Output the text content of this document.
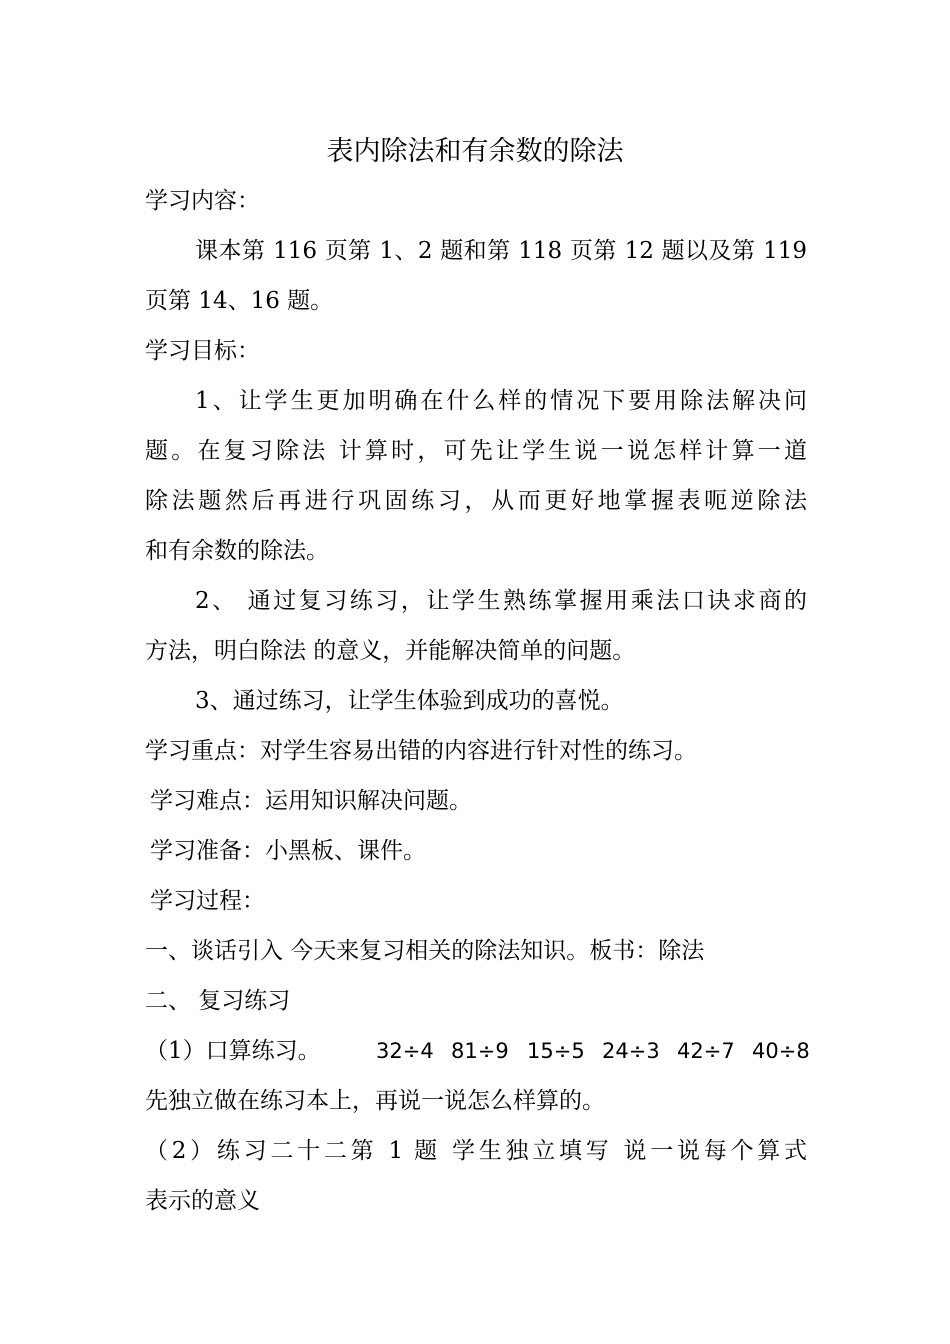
表内除法和有余数的除法
学习内容：
课本第 116 页第 1、2 题和第 118 页第 12 题以及第 119
页第 14、16 题。
学习目标：
1、让学生更加明确在什么样的情况下要用除法解决问
题。在复习除法 计算时，可先让学生说一说怎样计算一道
除法题然后再进行巩固练习，从而更好地掌握表呃逆除法
和有余数的除法。
2、 通过复习练习，让学生熟练掌握用乘法口诀求商的
方法，明白除法 的意义，并能解决简单的问题。
3、通过练习，让学生体验到成功的喜悦。
学习重点：对学生容易出错的内容进行针对性的练习。
学习难点：运用知识解决问题。
学习准备：小黑板、课件。
学习过程：
一、谈话引入 今天来复习相关的除法知识。板书：除法
二、 复习练习
（1）口算练习。	32÷4 81÷9 15÷5 24÷3 42÷7 40÷8
先独立做在练习本上，再说一说怎么样算的。
（2）练习二十二第 1 题 学生独立填写 说一说每个算式
表示的意义
